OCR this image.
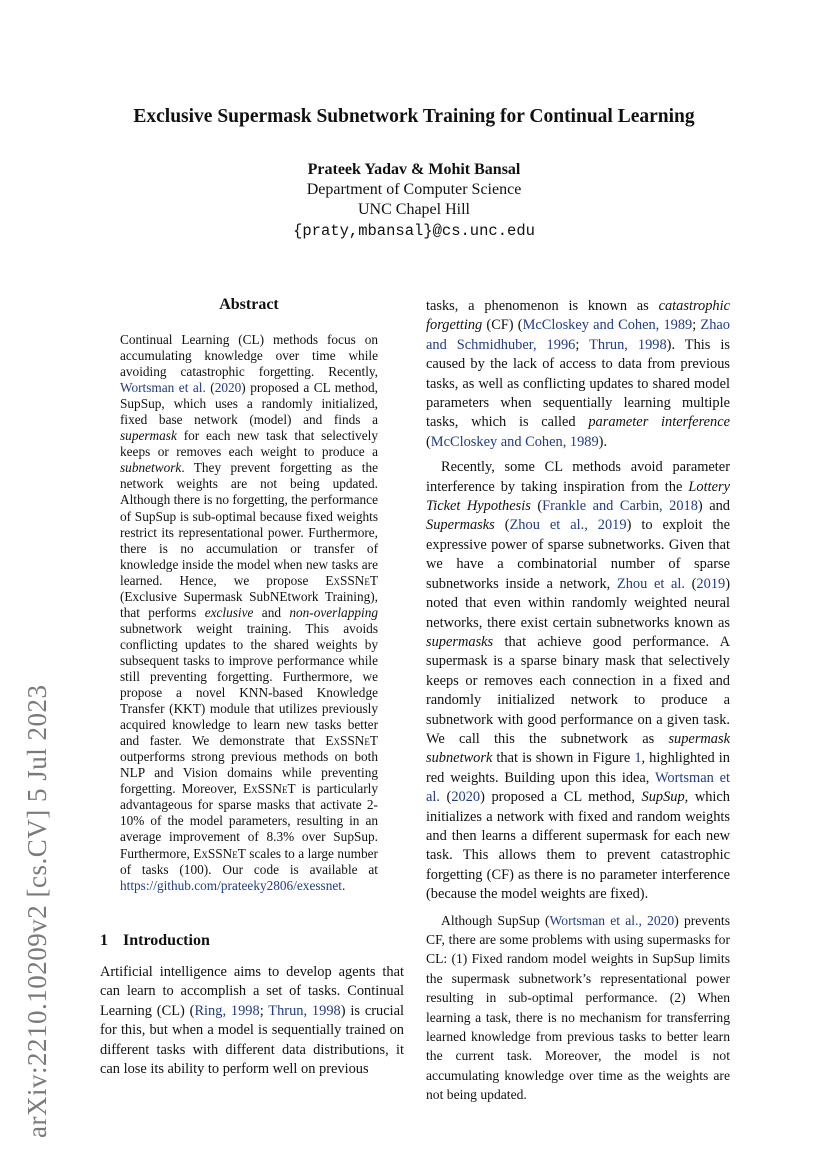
arXiv:2210.10209v2 [cs.CV] 5 Jul 2023
Exclusive Supermask Subnetwork Training for Continual Learning
Prateek Yadav & Mohit Bansal
Department of Computer Science
UNC Chapel Hill
{praty,mbansal}@cs.unc.edu
Abstract
Continual Learning (CL) methods focus on accumulating knowledge over time while avoiding catastrophic forgetting. Recently, Wortsman et al. (2020) proposed a CL method, SupSup, which uses a randomly initialized, fixed base network (model) and finds a supermask for each new task that selectively keeps or removes each weight to produce a subnetwork. They prevent forgetting as the network weights are not being updated. Although there is no forgetting, the performance of SupSup is sub-optimal because fixed weights restrict its representational power. Furthermore, there is no accumulation or transfer of knowledge inside the model when new tasks are learned. Hence, we propose ExSSNeT (Exclusive Supermask SubNEtwork Training), that performs exclusive and non-overlapping subnetwork weight training. This avoids conflicting updates to the shared weights by subsequent tasks to improve performance while still preventing forgetting. Furthermore, we propose a novel KNN-based Knowledge Transfer (KKT) module that utilizes previously acquired knowledge to learn new tasks better and faster. We demonstrate that ExSSNeT outperforms strong previous methods on both NLP and Vision domains while preventing forgetting. Moreover, ExSSNeT is particularly advantageous for sparse masks that activate 2-10% of the model parameters, resulting in an average improvement of 8.3% over SupSup. Furthermore, ExSSNeT scales to a large number of tasks (100). Our code is available at https://github.com/prateeky2806/exessnet.
1 Introduction
Artificial intelligence aims to develop agents that can learn to accomplish a set of tasks. Continual Learning (CL) (Ring, 1998; Thrun, 1998) is crucial for this, but when a model is sequentially trained on different tasks with different data distributions, it can lose its ability to perform well on previous

tasks, a phenomenon is known as catastrophic forgetting (CF) (McCloskey and Cohen, 1989; Zhao and Schmidhuber, 1996; Thrun, 1998). This is caused by the lack of access to data from previous tasks, as well as conflicting updates to shared model parameters when sequentially learning multiple tasks, which is called parameter interference (McCloskey and Cohen, 1989).

Recently, some CL methods avoid parameter interference by taking inspiration from the Lottery Ticket Hypothesis (Frankle and Carbin, 2018) and Supermasks (Zhou et al., 2019) to exploit the expressive power of sparse subnetworks. Given that we have a combinatorial number of sparse subnetworks inside a network, Zhou et al. (2019) noted that even within randomly weighted neural networks, there exist certain subnetworks known as supermasks that achieve good performance. A supermask is a sparse binary mask that selectively keeps or removes each connection in a fixed and randomly initialized network to produce a subnetwork with good performance on a given task. We call this the subnetwork as supermask subnetwork that is shown in Figure 1, highlighted in red weights. Building upon this idea, Wortsman et al. (2020) proposed a CL method, SupSup, which initializes a network with fixed and random weights and then learns a different supermask for each new task. This allows them to prevent catastrophic forgetting (CF) as there is no parameter interference (because the model weights are fixed).

Although SupSup (Wortsman et al., 2020) prevents CF, there are some problems with using supermasks for CL: (1) Fixed random model weights in SupSup limits the supermask subnetwork’s representational power resulting in sub-optimal performance. (2) When learning a task, there is no mechanism for transferring learned knowledge from previous tasks to better learn the current task. Moreover, the model is not accumulating knowledge over time as the weights are not being updated.
